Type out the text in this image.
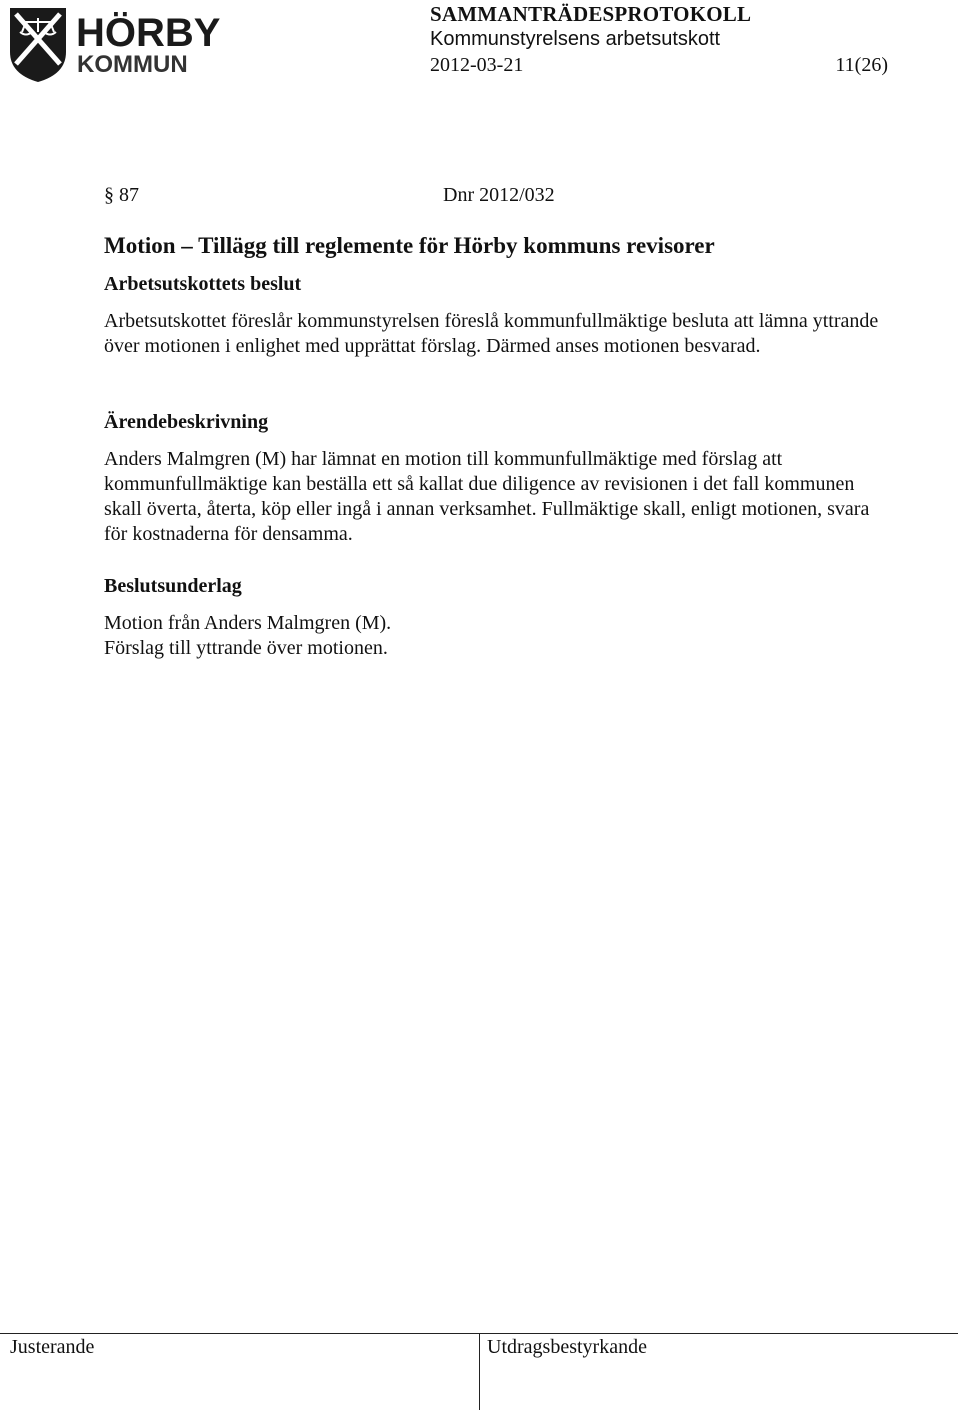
HÖRBY
KOMMUN
SAMMANTRÄDESPROTOKOLL
Kommunstyrelsens arbetsutskott
2012-03-21	11(26)
§ 87	Dnr 2012/032
Motion – Tillägg till reglemente för Hörby kommuns revisorer
Arbetsutskottets beslut

Arbetsutskottet föreslår kommunstyrelsen föreslå kommunfullmäktige besluta att lämna yttrande över motionen i enlighet med upprättat förslag. Därmed anses motionen besvarad.

Ärendebeskrivning

Anders Malmgren (M) har lämnat en motion till kommunfullmäktige med förslag att kommunfullmäktige kan beställa ett så kallat due diligence av revisionen i det fall kommunen skall överta, återta, köp eller ingå i annan verksamhet. Fullmäktige skall, enligt motionen, svara för kostnaderna för densamma.

Beslutsunderlag

Motion från Anders Malmgren (M).

Förslag till yttrande över motionen.

Justerande	Utdragsbestyrkande
